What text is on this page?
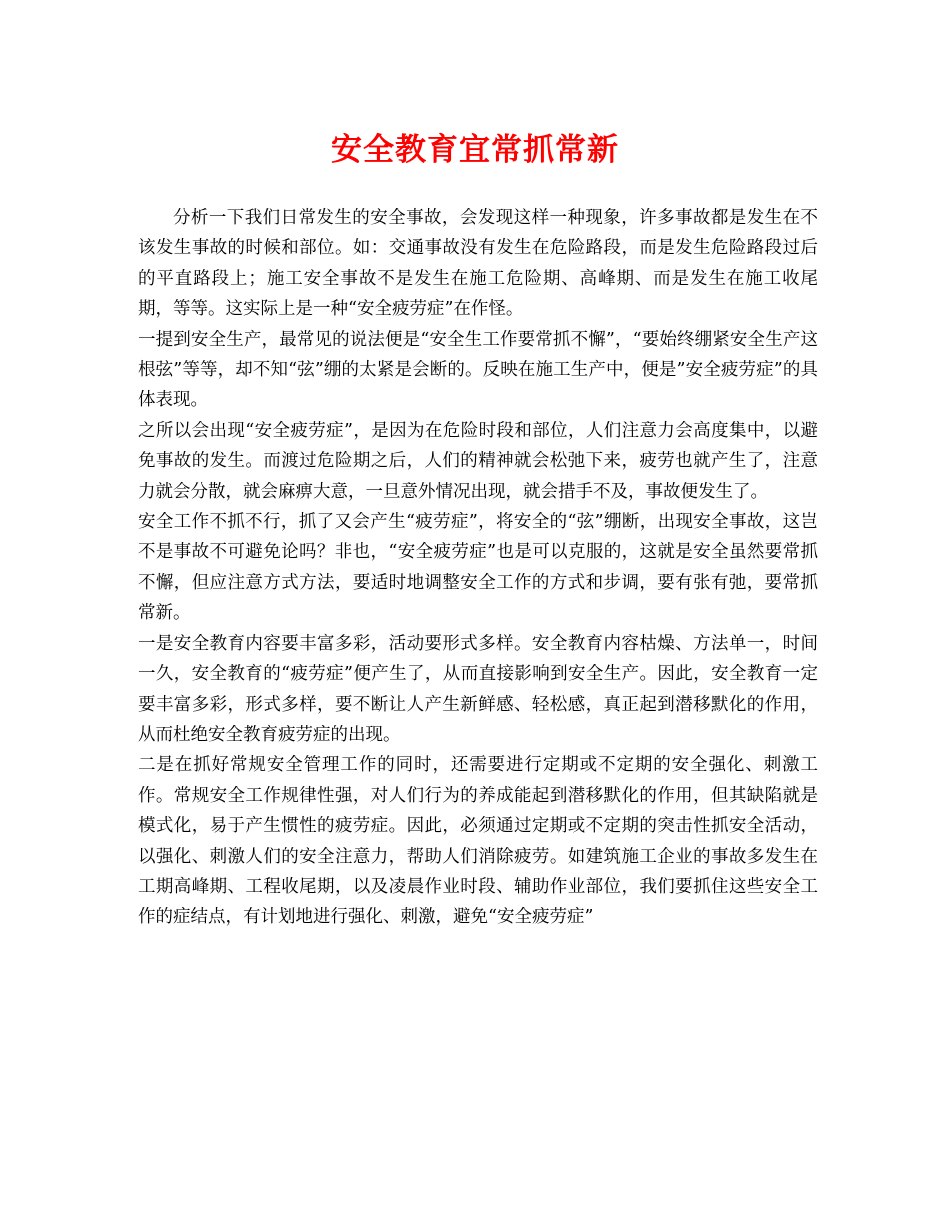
安全教育宜常抓常新

分析一下我们日常发生的安全事故，会发现这样一种现象，许多事故都是发生在不该发生事故的时候和部位。如：交通事故没有发生在危险路段，而是发生危险路段过后的平直路段上；施工安全事故不是发生在施工危险期、高峰期、而是发生在施工收尾期，等等。这实际上是一种“安全疲劳症”在作怪。

一提到安全生产，最常见的说法便是“安全生工作要常抓不懈”，“要始终绷紧安全生产这根弦”等等，却不知“弦”绷的太紧是会断的。反映在施工生产中，便是”安全疲劳症”的具体表现。

之所以会出现“安全疲劳症”，是因为在危险时段和部位，人们注意力会高度集中，以避免事故的发生。而渡过危险期之后，人们的精神就会松弛下来，疲劳也就产生了，注意力就会分散，就会麻痹大意，一旦意外情况出现，就会措手不及，事故便发生了。

安全工作不抓不行，抓了又会产生“疲劳症”，将安全的“弦”绷断，出现安全事故，这岂不是事故不可避免论吗？非也，“安全疲劳症”也是可以克服的，这就是安全虽然要常抓不懈，但应注意方式方法，要适时地调整安全工作的方式和步调，要有张有弛，要常抓常新。

一是安全教育内容要丰富多彩，活动要形式多样。安全教育内容枯燥、方法单一，时间一久，安全教育的“疲劳症”便产生了，从而直接影响到安全生产。因此，安全教育一定要丰富多彩，形式多样，要不断让人产生新鲜感、轻松感，真正起到潜移默化的作用，从而杜绝安全教育疲劳症的出现。

二是在抓好常规安全管理工作的同时，还需要进行定期或不定期的安全强化、刺激工作。常规安全工作规律性强，对人们行为的养成能起到潜移默化的作用，但其缺陷就是模式化，易于产生惯性的疲劳症。因此，必须通过定期或不定期的突击性抓安全活动，以强化、刺激人们的安全注意力，帮助人们消除疲劳。如建筑施工企业的事故多发生在工期高峰期、工程收尾期，以及凌晨作业时段、辅助作业部位，我们要抓住这些安全工作的症结点，有计划地进行强化、刺激，避免“安全疲劳症”
